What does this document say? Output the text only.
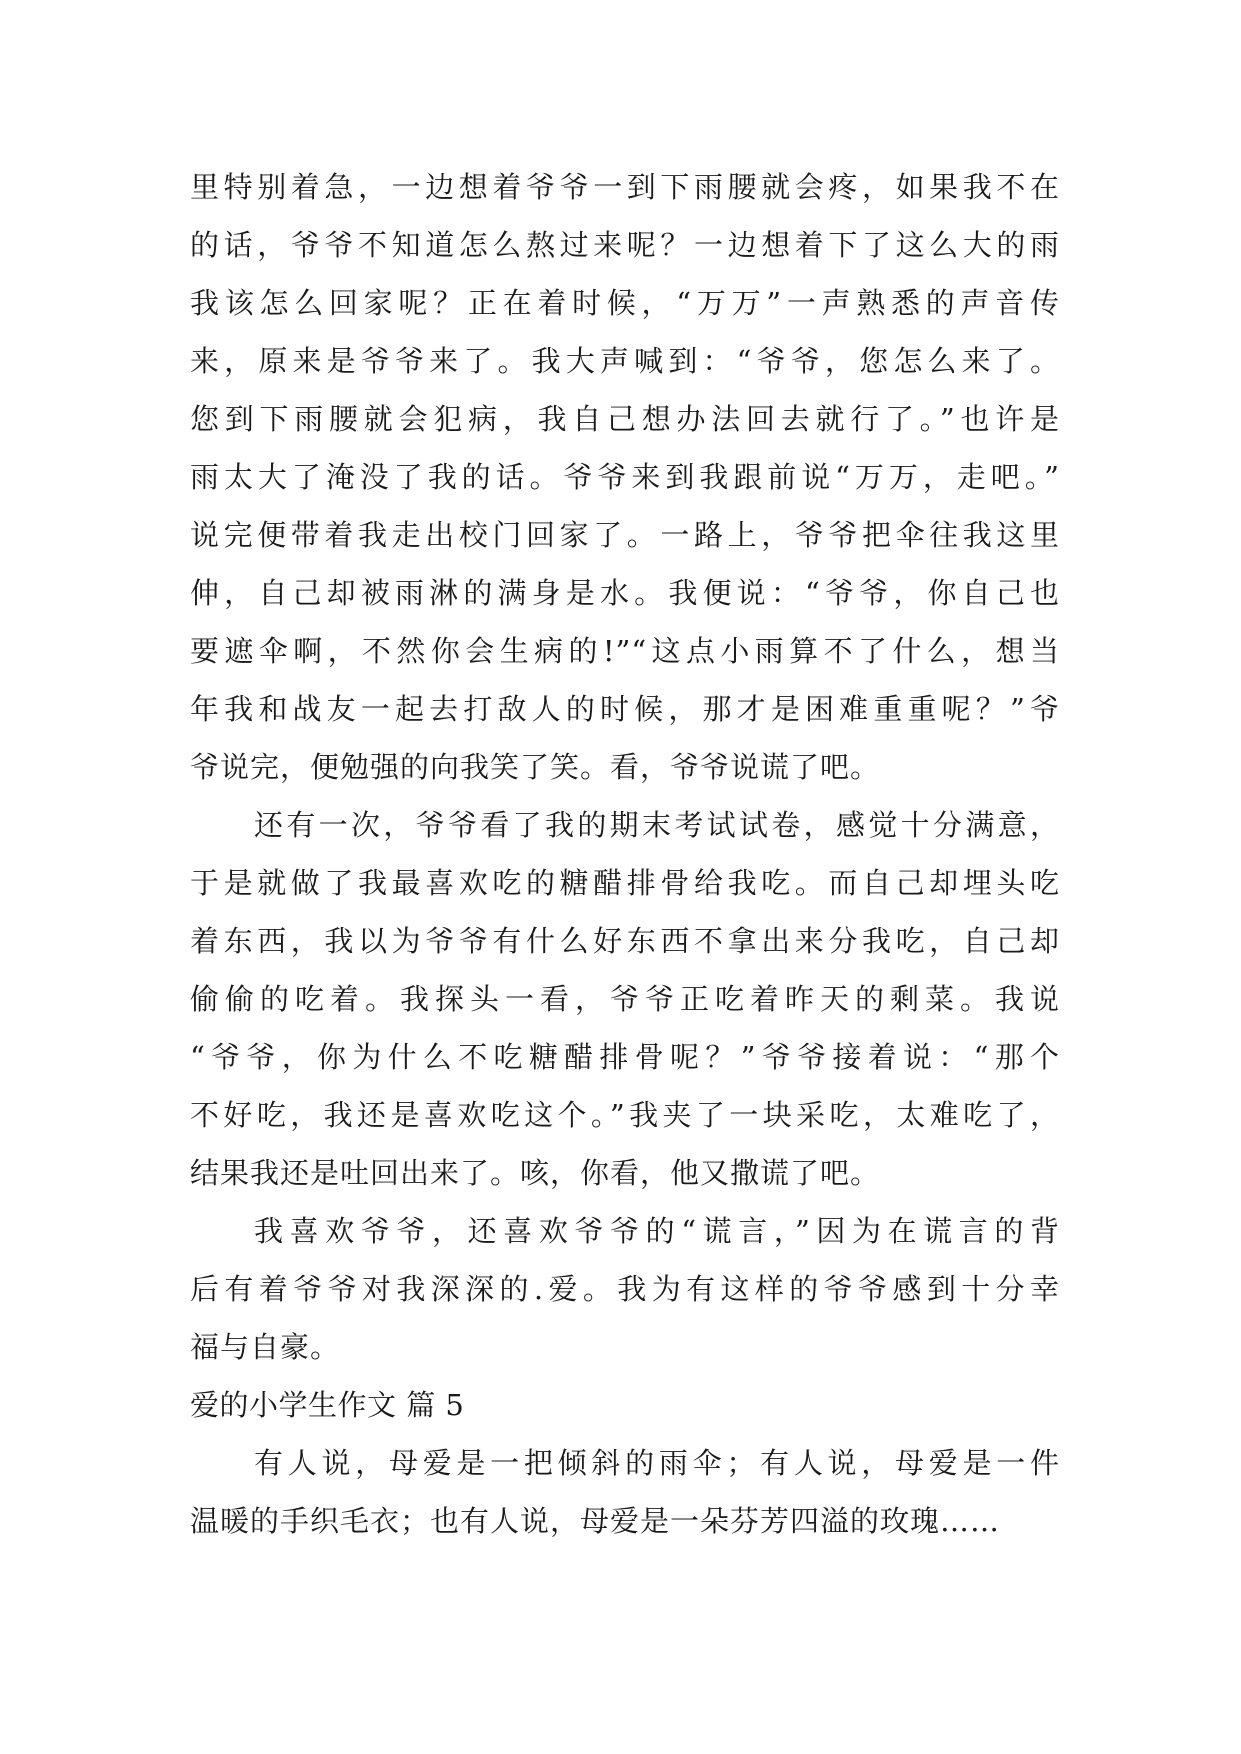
里特别着急，一边想着爷爷一到下雨腰就会疼，如果我不在
的话，爷爷不知道怎么熬过来呢？一边想着下了这么大的雨
我该怎么回家呢？正在着时候，“万万”一声熟悉的声音传
来，原来是爷爷来了。我大声喊到：“爷爷，您怎么来了。
您到下雨腰就会犯病，我自己想办法回去就行了。”也许是
雨太大了淹没了我的话。爷爷来到我跟前说“万万，走吧。”
说完便带着我走出校门回家了。一路上，爷爷把伞往我这里
伸，自己却被雨淋的满身是水。我便说：“爷爷，你自己也
要遮伞啊，不然你会生病的!”“这点小雨算不了什么，想当
年我和战友一起去打敌人的时候，那才是困难重重呢？”爷
爷说完，便勉强的向我笑了笑。看，爷爷说谎了吧。
还有一次，爷爷看了我的期末考试试卷，感觉十分满意，
于是就做了我最喜欢吃的糖醋排骨给我吃。而自己却埋头吃
着东西，我以为爷爷有什么好东西不拿出来分我吃，自己却
偷偷的吃着。我探头一看，爷爷正吃着昨天的剩菜。我说
“爷爷，你为什么不吃糖醋排骨呢？”爷爷接着说：“那个
不好吃，我还是喜欢吃这个。”我夹了一块采吃，太难吃了，
结果我还是吐回出来了。咳，你看，他又撒谎了吧。
我喜欢爷爷，还喜欢爷爷的“谎言，”因为在谎言的背
后有着爷爷对我深深的.爱。我为有这样的爷爷感到十分幸
福与自豪。
爱的小学生作文 篇 5
有人说，母爱是一把倾斜的雨伞；有人说，母爱是一件
温暖的手织毛衣；也有人说，母爱是一朵芬芳四溢的玫瑰……
